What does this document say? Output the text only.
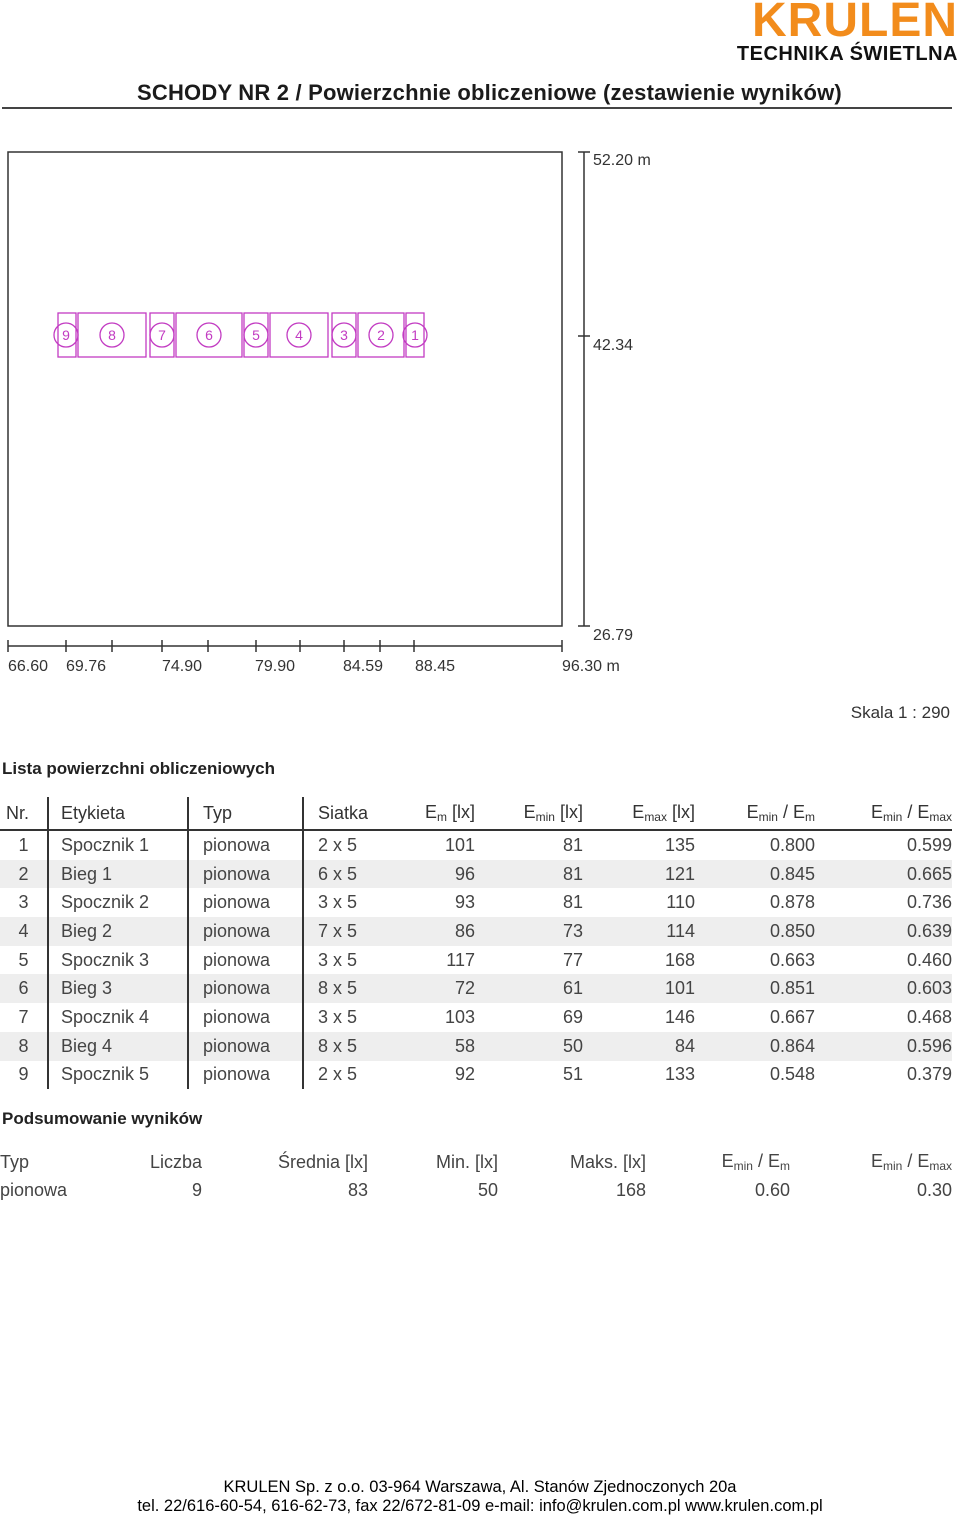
KRULEN
TECHNIKA ŚWIETLNA
SCHODY NR 2 / Powierzchnie obliczeniowe (zestawienie wyników)
52.20 m
42.34
26.79
66.60 69.76	74.90	79.90	84.59 88.45	96.30 m
9	8	7	6	5	4	3 2 1
Skala 1 : 290
Lista powierzchni obliczeniowych
Nr.	Etykieta	Typ	Siatka	$E_m$ [lx]	$E_{min}$ [lx]	$E_{max}$ [lx]	$E_{min} / E_m$	$E_{min} / E_{max}$
1	Spocznik 1	pionowa	2 x 5	101	81	135	0.800	0.599
2	Bieg 1	pionowa	6 x 5	96	81	121	0.845	0.665
3	Spocznik 2	pionowa	3 x 5	93	81	110	0.878	0.736
4	Bieg 2	pionowa	7 x 5	86	73	114	0.850	0.639
5	Spocznik 3	pionowa	3 x 5	117	77	168	0.663	0.460
6	Bieg 3	pionowa	8 x 5	72	61	101	0.851	0.603
7	Spocznik 4	pionowa	3 x 5	103	69	146	0.667	0.468
8	Bieg 4	pionowa	8 x 5	58	50	84	0.864	0.596
9	Spocznik 5	pionowa	2 x 5	92	51	133	0.548	0.379
Podsumowanie wyników
Typ	Liczba	Średnia [lx]	Min. [lx]	Maks. [lx]	$E_{min} / E_m$	$E_{min} / E_{max}$
pionowa	9	83	50	168	0.60	0.30
KRULEN Sp. z o.o. 03-964 Warszawa, Al. Stanów Zjednoczonych 20a
tel. 22/616-60-54, 616-62-73, fax 22/672-81-09 e-mail: info@krulen.com.pl www.krulen.com.pl
